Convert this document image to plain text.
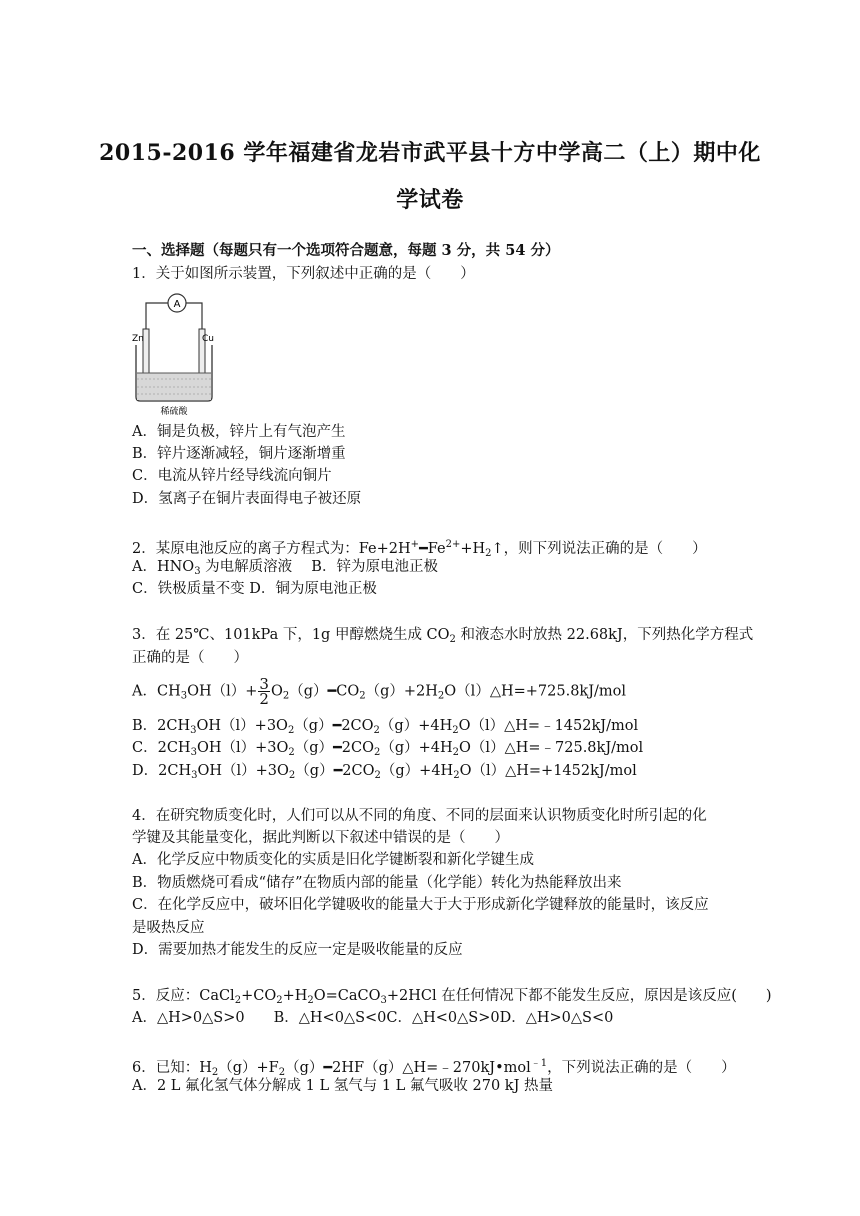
2015-2016 学年福建省龙岩市武平县十方中学高二（上）期中化
学试卷
一、选择题（每题只有一个选项符合题意，每题 3 分，共 54 分）
1．关于如图所示装置，下列叙述中正确的是（　　）
A
Zn	Cu
稀硫酸
A．铜是负极，锌片上有气泡产生
B．锌片逐渐减轻，铜片逐渐增重
C．电流从锌片经导线流向铜片
D．氢离子在铜片表面得电子被还原
2．某原电池反应的离子方程式为：$Fe+2H^+━Fe^{2+}+H_2↑$，则下列说法正确的是（　　）
A．$HNO_3$ 为电解质溶液　 B．锌为原电池正极
C．铁极质量不变 D．铜为原电池正极
3．在 25℃、101kPa 下，1g 甲醇燃烧生成 $CO_2$ 和液态水时放热 22.68kJ，下列热化学方程式
正确的是（　　）
A．$CH_3OH(l)+ \frac{3}{2}$ $O_2(g)━CO_2(g)+2H_2O(l)\triangle H=+725.8kJ$/mol
B．$2CH_3OH(l)+3O_2(g)━2CO_2(g)+4H_2O(l)\triangle H=﹣1452kJ$/mol
C．$2CH_3OH(l)+3O_2(g)━2CO_2(g)+4H_2O(l)\triangle H=﹣725.8kJ$/mol
D．$2CH_3OH(l)+3O_2(g)━2CO_2(g)+4H_2O(l)\triangle H=+1452kJ$/mol
4．在研究物质变化时，人们可以从不同的角度、不同的层面来认识物质变化时所引起的化
学键及其能量变化，据此判断以下叙述中错误的是（　　）
A．化学反应中物质变化的实质是旧化学键断裂和新化学键生成
B．物质燃烧可看成“储存”在物质内部的能量（化学能）转化为热能释放出来
C．在化学反应中，破坏旧化学键吸收的能量大于大于形成新化学键释放的能量时，该反应
是吸热反应
D．需要加热才能发生的反应一定是吸收能量的反应
5．反应：$CaCl_2+CO_2+H_2O=CaCO_3+2HCl$ 在任何情况下都不能发生反应，原因是该反应(　　)
A．△H>0△S>0　　B．△H<0△S<0C．△H<0△S>0D．△H>0△S<0
6．已知：$H_2(g)+F_2(g)━2HF(g)\triangle H=﹣270kJ•mol^{﹣1}$，下列说法正确的是（　　）
A．2 L 氟化氢气体分解成 1 L 氢气与 1 L 氟气吸收 270 kJ 热量
